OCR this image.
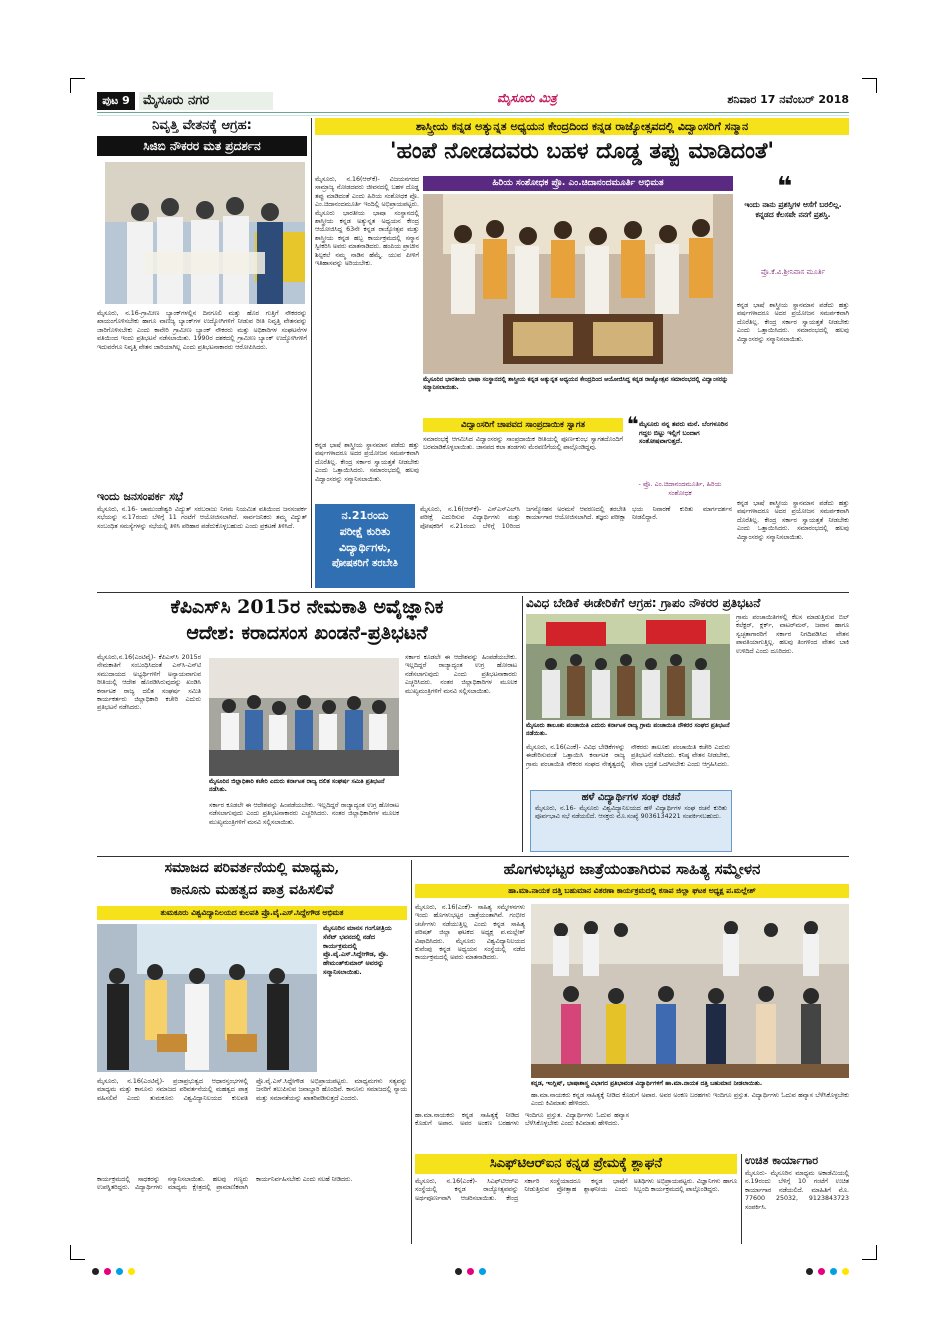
ಪುಟ 9	ಮೈಸೂರು ನಗರ	ಮೈಸೂರು ಮಿತ್ರ	ಶನಿವಾರ 17 ನವೆಂಬರ್ 2018
ನಿವೃತ್ತಿ ವೇತನಕ್ಕೆ ಆಗ್ರಹ:
ಸಿಜಿಬಿ ನೌಕರರ ಮತ ಪ್ರದರ್ಶನ
ಮೈಸೂರು, ನ.16-ಗ್ರಾಮೀಣ ಬ್ಯಾಂಕ್‌ಗಳಲ್ಲಿನ ದಿನಗೂಲಿ ಮತ್ತು ಹೊರ ಗುತ್ತಿಗೆ ನೌಕರರನ್ನು ಖಾಯಂಗೊಳಿಸಬೇಕು ಹಾಗೂ ವಾಣಿಜ್ಯ ಬ್ಯಾಂಕ್‌ಗಳ ಉದ್ಯೋಗಿಗಳಿಗೆ ನೀಡುವ ರೀತಿ ನಿವೃತ್ತಿ ವೇತನವನ್ನು ಜಾರಿಗೊಳಿಸಬೇಕು ಎಂದು ಕಾವೇರಿ ಗ್ರಾಮೀಣ ಬ್ಯಾಂಕ್ ನೌಕರರು ಮತ್ತು ಅಧಿಕಾರಿಗಳ ಸಂಘಟನೆಗಳ ವತಿಯಿಂದ ಇಂದು ಪ್ರತಿಭಟನೆ ನಡೆಸಲಾಯಿತು. 1990ರ ದಶಕದಲ್ಲಿ ಗ್ರಾಮೀಣ ಬ್ಯಾಂಕ್ ಉದ್ಯೋಗಿಗಳಿಗೆ ಇದುವರೆಗೂ ನಿವೃತ್ತಿ ವೇತನ ಜಾರಿಯಾಗಿಲ್ಲ ಎಂದು ಪ್ರತಿಭಟನಾಕಾರರು ಆರೋಪಿಸಿದರು.
ಇಂದು ಜನಸಂಪರ್ಕ ಸಭೆ
ಮೈಸೂರು, ನ.16- ಚಾಮುಂಡೇಶ್ವರಿ ವಿದ್ಯುತ್ ಸರಬರಾಜು ನಿಗಮ ನಿಯಮಿತ ವತಿಯಿಂದ ಜನಸಂಪರ್ಕ ಸಭೆಯನ್ನು ನ.17ರಂದು ಬೆಳಿಗ್ಗೆ 11 ಗಂಟೆಗೆ ಆಯೋಜಿಸಲಾಗಿದೆ. ಸಾರ್ವಜನಿಕರು ತಮ್ಮ ವಿದ್ಯುತ್ ಸಂಬಂಧಿತ ಸಮಸ್ಯೆಗಳನ್ನು ಸಭೆಯಲ್ಲಿ ತಿಳಿಸಿ ಪರಿಹಾರ ಪಡೆದುಕೊಳ್ಳಬಹುದು ಎಂದು ಪ್ರಕಟಣೆ ತಿಳಿಸಿದೆ.
ಶಾಸ್ತ್ರೀಯ ಕನ್ನಡ ಅತ್ಯುನ್ನತ ಅಧ್ಯಯನ ಕೇಂದ್ರದಿಂದ ಕನ್ನಡ ರಾಜ್ಯೋತ್ಸವದಲ್ಲಿ ವಿದ್ವಾಂಸರಿಗೆ ಸನ್ಮಾನ
'ಹಂಪೆ ನೋಡದವರು ಬಹಳ ದೊಡ್ಡ ತಪ್ಪು ಮಾಡಿದಂತೆ'
ಹಿರಿಯ ಸಂಶೋಧಕ ಪ್ರೊ. ಎಂ.ಚಿದಾನಂದಮೂರ್ತಿ ಅಭಿಮತ
ಮೈಸೂರು, ನ.16(ಆರ್‌ಕೆ)- ವಿಜಯನಗರದ ಸಾಮ್ರಾಜ್ಯ ನೋಡದವರು ಜೀವನದಲ್ಲಿ ಬಹಳ ದೊಡ್ಡ ತಪ್ಪು ಮಾಡಿದಂತೆ ಎಂದು ಹಿರಿಯ ಸಂಶೋಧಕ ಪ್ರೊ. ಎಂ.ಚಿದಾನಂದಮೂರ್ತಿ ಇಂದಿಲ್ಲಿ ಅಭಿಪ್ರಾಯಪಟ್ಟರು. ಮೈಸೂರು ಭಾರತೀಯ ಭಾಷಾ ಸಂಸ್ಥಾನದಲ್ಲಿ ಶಾಸ್ತ್ರೀಯ ಕನ್ನಡ ಅತ್ಯುನ್ನತ ಅಧ್ಯಯನ ಕೇಂದ್ರ ಆಯೋಜಿಸಿದ್ದ 63ನೇ ಕನ್ನಡ ರಾಜ್ಯೋತ್ಸವ ಮತ್ತು ಶಾಸ್ತ್ರೀಯ ಕನ್ನಡ ಹಬ್ಬ ಕಾರ್ಯಕ್ರಮದಲ್ಲಿ ಸನ್ಮಾನ ಸ್ವೀಕರಿಸಿ ಅವರು ಮಾತನಾಡಿದರು. ಹಂಪಿಯ ಪ್ರಾಚೀನ ಶಿಲ್ಪಕಲೆ ನಮ್ಮ ನಾಡಿನ ಹೆಮ್ಮೆ. ಯುವ ಪೀಳಿಗೆ ಇತಿಹಾಸವನ್ನು ಅರಿಯಬೇಕು.
❝
ಇಂದು ನಾನು ಪ್ರಶಸ್ತಿಗಳ ಆಸೆಗೆ ಬರಲಿಲ್ಲ. ಕನ್ನಡದ ಕೆಲಸವೇ ನನಗೆ ಪ್ರಶಸ್ತಿ.
ಪ್ರೊ.ಕೆ.ವಿ.ಶ್ರೀನಿವಾಸ ಮೂರ್ತಿ
ಕನ್ನಡ ಭಾಷೆ ಶಾಸ್ತ್ರೀಯ ಸ್ಥಾನಮಾನ ಪಡೆದು ಹತ್ತು ವರ್ಷಗಳಾದರೂ ಅದರ ಪ್ರಯೋಜನ ಸಮರ್ಪಕವಾಗಿ ದೊರೆತಿಲ್ಲ. ಕೇಂದ್ರ ಸರ್ಕಾರ ಸ್ವಾಯತ್ತತೆ ನೀಡಬೇಕು ಎಂದು ಒತ್ತಾಯಿಸಿದರು. ಸಮಾರಂಭದಲ್ಲಿ ಹಲವು ವಿದ್ವಾಂಸರನ್ನು ಸನ್ಮಾನಿಸಲಾಯಿತು.
ಮೈಸೂರಿನ ಭಾರತೀಯ ಭಾಷಾ ಸಂಸ್ಥಾನದಲ್ಲಿ ಶಾಸ್ತ್ರೀಯ ಕನ್ನಡ ಅತ್ಯುನ್ನತ ಅಧ್ಯಯನ ಕೇಂದ್ರದಿಂದ ಆಯೋಜಿಸಿದ್ದ ಕನ್ನಡ ರಾಜ್ಯೋತ್ಸವ ಸಮಾರಂಭದಲ್ಲಿ ವಿದ್ವಾಂಸರನ್ನು ಸನ್ಮಾನಿಸಲಾಯಿತು.
ವಿದ್ವಾಂಸರಿಗೆ ಚಾಪವದ ಸಾಂಪ್ರದಾಯಿಕ ಸ್ವಾಗತ
ಸಮಾರಂಭಕ್ಕೆ ಆಗಮಿಸಿದ ವಿದ್ವಾಂಸರನ್ನು ಸಾಂಪ್ರದಾಯಿಕ ರೀತಿಯಲ್ಲಿ ಪೂರ್ಣಕುಂಭ ಸ್ವಾಗತದೊಂದಿಗೆ ಬರಮಾಡಿಕೊಳ್ಳಲಾಯಿತು. ಜಾನಪದ ಕಲಾ ತಂಡಗಳು ಮೆರವಣಿಗೆಯಲ್ಲಿ ಪಾಲ್ಗೊಂಡಿದ್ದವು.
❝ ಮೈಸೂರು ನನ್ನ ತವರು ಮನೆ. ಬೆಂಗಳೂರಿನ ಗದ್ದಲ ಬಿಟ್ಟು ಇಲ್ಲಿಗೆ ಬಂದಾಗ ಸಂತೋಷವಾಗುತ್ತದೆ.
- ಪ್ರೊ. ಎಂ.ಚಿದಾನಂದಮೂರ್ತಿ, ಹಿರಿಯ ಸಂಶೋಧಕ
ಕನ್ನಡ ಭಾಷೆ ಶಾಸ್ತ್ರೀಯ ಸ್ಥಾನಮಾನ ಪಡೆದು ಹತ್ತು ವರ್ಷಗಳಾದರೂ ಅದರ ಪ್ರಯೋಜನ ಸಮರ್ಪಕವಾಗಿ ದೊರೆತಿಲ್ಲ. ಕೇಂದ್ರ ಸರ್ಕಾರ ಸ್ವಾಯತ್ತತೆ ನೀಡಬೇಕು ಎಂದು ಒತ್ತಾಯಿಸಿದರು. ಸಮಾರಂಭದಲ್ಲಿ ಹಲವು ವಿದ್ವಾಂಸರನ್ನು ಸನ್ಮಾನಿಸಲಾಯಿತು.
ನ.21ರಂದು
ಪರೀಕ್ಷೆ ಕುರಿತು
ವಿದ್ಯಾರ್ಥಿಗಳು,
ಪೋಷಕರಿಗೆ ತರಬೇತಿ
ಮೈಸೂರು, ನ.16(ಆರ್‌ಕೆ)- ಎಸ್‌ಎಸ್‌ಎಲ್‌ಸಿ ಪರೀಕ್ಷೆ ಎದುರಿಸುವ ವಿದ್ಯಾರ್ಥಿಗಳು ಮತ್ತು ಪೋಷಕರಿಗೆ ನ.21ರಂದು ಬೆಳಿಗ್ಗೆ 10ರಿಂದ ಜಗನ್ಮೋಹನ ಅರಮನೆ ಆವರಣದಲ್ಲಿ ತರಬೇತಿ ಕಾರ್ಯಾಗಾರ ಆಯೋಜಿಸಲಾಗಿದೆ. ತಜ್ಞರು ಪರೀಕ್ಷಾ ಭಯ ನಿವಾರಣೆ ಕುರಿತು ಮಾರ್ಗದರ್ಶನ ನೀಡಲಿದ್ದಾರೆ.
ಕನ್ನಡ ಭಾಷೆ ಶಾಸ್ತ್ರೀಯ ಸ್ಥಾನಮಾನ ಪಡೆದು ಹತ್ತು ವರ್ಷಗಳಾದರೂ ಅದರ ಪ್ರಯೋಜನ ಸಮರ್ಪಕವಾಗಿ ದೊರೆತಿಲ್ಲ. ಕೇಂದ್ರ ಸರ್ಕಾರ ಸ್ವಾಯತ್ತತೆ ನೀಡಬೇಕು ಎಂದು ಒತ್ತಾಯಿಸಿದರು. ಸಮಾರಂಭದಲ್ಲಿ ಹಲವು ವಿದ್ವಾಂಸರನ್ನು ಸನ್ಮಾನಿಸಲಾಯಿತು.
ಕೆಪಿಎಸ್‌ಸಿ 2015ರ ನೇಮಕಾತಿ ಅವೈಜ್ಞಾನಿಕ
ಆದೇಶ: ಕರಾದಸಂಸ ಖಂಡನೆ-ಪ್ರತಿಭಟನೆ
ಮೈಸೂರು,ನ.16(ಎಂಟಿವೈ)- ಕೆಪಿಎಸ್‌ಸಿ 2015ರ ನೇಮಕಾತಿಗೆ ಸಂಬಂಧಿಸಿದಂತೆ ಎಸ್‌ಸಿ-ಎಸ್‌ಟಿ ಸಮುದಾಯದ ಅಭ್ಯರ್ಥಿಗಳಿಗೆ ಅನ್ಯಾಯವಾಗುವ ರೀತಿಯಲ್ಲಿ ಆದೇಶ ಹೊರಡಿಸಿರುವುದನ್ನು ಖಂಡಿಸಿ ಕರ್ನಾಟಕ ರಾಜ್ಯ ದಲಿತ ಸಂಘರ್ಷ ಸಮಿತಿ ಕಾರ್ಯಕರ್ತರು ಜಿಲ್ಲಾಧಿಕಾರಿ ಕಚೇರಿ ಎದುರು ಪ್ರತಿಭಟನೆ ನಡೆಸಿದರು.
ಮೈಸೂರಿನ ಜಿಲ್ಲಾಧಿಕಾರಿ ಕಚೇರಿ ಎದುರು ಕರ್ನಾಟಕ ರಾಜ್ಯ ದಲಿತ ಸಂಘರ್ಷ ಸಮಿತಿ ಪ್ರತಿಭಟನೆ ನಡೆಸಿತು.
ಸರ್ಕಾರ ಕೂಡಲೇ ಈ ಆದೇಶವನ್ನು ಹಿಂಪಡೆಯಬೇಕು. ಇಲ್ಲದಿದ್ದರೆ ರಾಜ್ಯಾದ್ಯಂತ ಉಗ್ರ ಹೋರಾಟ ನಡೆಸಲಾಗುವುದು ಎಂದು ಪ್ರತಿಭಟನಾಕಾರರು ಎಚ್ಚರಿಸಿದರು. ನಂತರ ಜಿಲ್ಲಾಧಿಕಾರಿಗಳ ಮೂಲಕ ಮುಖ್ಯಮಂತ್ರಿಗಳಿಗೆ ಮನವಿ ಸಲ್ಲಿಸಲಾಯಿತು.
ಸರ್ಕಾರ ಕೂಡಲೇ ಈ ಆದೇಶವನ್ನು ಹಿಂಪಡೆಯಬೇಕು. ಇಲ್ಲದಿದ್ದರೆ ರಾಜ್ಯಾದ್ಯಂತ ಉಗ್ರ ಹೋರಾಟ ನಡೆಸಲಾಗುವುದು ಎಂದು ಪ್ರತಿಭಟನಾಕಾರರು ಎಚ್ಚರಿಸಿದರು. ನಂತರ ಜಿಲ್ಲಾಧಿಕಾರಿಗಳ ಮೂಲಕ ಮುಖ್ಯಮಂತ್ರಿಗಳಿಗೆ ಮನವಿ ಸಲ್ಲಿಸಲಾಯಿತು.
ವಿವಿಧ ಬೇಡಿಕೆ ಈಡೇರಿಕೆಗೆ ಆಗ್ರಹ: ಗ್ರಾಪಂ ನೌಕರರ ಪ್ರತಿಭಟನೆ
ಮೈಸೂರು ತಾಲೂಕು ಪಂಚಾಯಿತಿ ಎದುರು ಕರ್ನಾಟಕ ರಾಜ್ಯ ಗ್ರಾಮ ಪಂಚಾಯಿತಿ ನೌಕರರ ಸಂಘದ ಪ್ರತಿಭಟನೆ ನಡೆಯಿತು.
ಮೈಸೂರು, ನ.16(ಎಂಕೆ)- ವಿವಿಧ ಬೇಡಿಕೆಗಳನ್ನು ಈಡೇರಿಸುವಂತೆ ಒತ್ತಾಯಿಸಿ ಕರ್ನಾಟಕ ರಾಜ್ಯ ಗ್ರಾಮ ಪಂಚಾಯಿತಿ ನೌಕರರ ಸಂಘದ ನೇತೃತ್ವದಲ್ಲಿ ನೌಕರರು ತಾಲೂಕು ಪಂಚಾಯಿತಿ ಕಚೇರಿ ಎದುರು ಪ್ರತಿಭಟನೆ ನಡೆಸಿದರು. ಕನಿಷ್ಠ ವೇತನ ನೀಡಬೇಕು, ಸೇವಾ ಭದ್ರತೆ ಒದಗಿಸಬೇಕು ಎಂದು ಆಗ್ರಹಿಸಿದರು.
ಗ್ರಾಮ ಪಂಚಾಯಿತಿಗಳಲ್ಲಿ ಕೆಲಸ ಮಾಡುತ್ತಿರುವ ಬಿಲ್ ಕಲೆಕ್ಟರ್, ಕ್ಲರ್ಕ್, ವಾಟರ್‌ಮನ್, ಜವಾನ ಹಾಗೂ ಸ್ವಚ್ಛತಾಗಾರರಿಗೆ ಸರ್ಕಾರ ನಿಗದಿಪಡಿಸಿದ ವೇತನ ಪಾವತಿಯಾಗುತ್ತಿಲ್ಲ. ಹಲವು ತಿಂಗಳಿಂದ ವೇತನ ಬಾಕಿ ಉಳಿದಿದೆ ಎಂದು ದೂರಿದರು.
ಹಳೆ ವಿದ್ಯಾರ್ಥಿಗಳ ಸಂಘ ರಚನೆ
ಮೈಸೂರು, ನ.16- ಮೈಸೂರು ವಿಶ್ವವಿದ್ಯಾನಿಲಯದ ಹಳೆ ವಿದ್ಯಾರ್ಥಿಗಳ ಸಂಘ ರಚನೆ ಕುರಿತು ಪೂರ್ವಭಾವಿ ಸಭೆ ನಡೆಯಲಿದೆ. ಆಸಕ್ತರು ಮೊ.ಸಂಖ್ಯೆ 9036134221 ಸಂಪರ್ಕಿಸಬಹುದು.
ಸಮಾಜದ ಪರಿವರ್ತನೆಯಲ್ಲಿ ಮಾಧ್ಯಮ,
ಕಾನೂನು ಮಹತ್ವದ ಪಾತ್ರ ವಹಿಸಲಿವೆ
ತುಮಕೂರು ವಿಶ್ವವಿದ್ಯಾನಿಲಯದ ಕುಲಪತಿ ಪ್ರೊ.ವೈ.ಎಸ್.ಸಿದ್ದೇಗೌಡ ಅಭಿಮತ
ಮೈಸೂರಿನ ಮಾನಸ ಗಂಗೋತ್ರಿಯ ಸೆನೆಟ್ ಭವನದಲ್ಲಿ ನಡೆದ ಕಾರ್ಯಕ್ರಮದಲ್ಲಿ ಪ್ರೊ.ವೈ.ಎಸ್.ಸಿದ್ದೇಗೌಡ, ಪ್ರೊ. ಹೇಮಂತ್‌ಕುಮಾರ್ ಅವರನ್ನು ಸನ್ಮಾನಿಸಲಾಯಿತು.
ಮೈಸೂರು, ನ.16(ಎಂಟಿವೈ)- ಪ್ರಜಾಪ್ರಭುತ್ವದ ಆಧಾರಸ್ತಂಭಗಳಲ್ಲಿ ಮಾಧ್ಯಮ ಮತ್ತು ಕಾನೂನು ಸಮಾಜದ ಪರಿವರ್ತನೆಯಲ್ಲಿ ಮಹತ್ವದ ಪಾತ್ರ ವಹಿಸಲಿವೆ ಎಂದು ತುಮಕೂರು ವಿಶ್ವವಿದ್ಯಾನಿಲಯದ ಕುಲಪತಿ ಪ್ರೊ.ವೈ.ಎಸ್.ಸಿದ್ದೇಗೌಡ ಅಭಿಪ್ರಾಯಪಟ್ಟರು. ಮಾಧ್ಯಮಗಳು ಸತ್ಯವನ್ನು ಜನರಿಗೆ ತಲುಪಿಸುವ ಜವಾಬ್ದಾರಿ ಹೊಂದಿವೆ. ಕಾನೂನು ಸಮಾಜದಲ್ಲಿ ನ್ಯಾಯ ಮತ್ತು ಸಮಾನತೆಯನ್ನು ಖಾತರಿಪಡಿಸುತ್ತದೆ ಎಂದರು.
ಕಾರ್ಯಕ್ರಮದಲ್ಲಿ ಸಾಧಕರನ್ನು ಸನ್ಮಾನಿಸಲಾಯಿತು. ಹಲವು ಗಣ್ಯರು ಉಪಸ್ಥಿತರಿದ್ದರು. ವಿದ್ಯಾರ್ಥಿಗಳು ಮಾಧ್ಯಮ ಕ್ಷೇತ್ರದಲ್ಲಿ ಪ್ರಾಮಾಣಿಕವಾಗಿ ಕಾರ್ಯನಿರ್ವಹಿಸಬೇಕು ಎಂದು ಸಲಹೆ ನೀಡಿದರು.
ಹೊಗಳುಭಟ್ಟರ ಜಾತ್ರೆಯಂತಾಗಿರುವ ಸಾಹಿತ್ಯ ಸಮ್ಮೇಳನ
ಹಾ.ಮಾ.ನಾಯಕ ದತ್ತಿ ಬಹುಮಾನ ವಿತರಣಾ ಕಾರ್ಯಕ್ರಮದಲ್ಲಿ ಕಸಾಪ ಜಿಲ್ಲಾ ಘಟಕ ಅಧ್ಯಕ್ಷ ಪ.ಮಲ್ಲೇಶ್
ಮೈಸೂರು, ನ.16(ಎಂಕೆ)- ಸಾಹಿತ್ಯ ಸಮ್ಮೇಳನಗಳು ಇಂದು ಹೊಗಳುಭಟ್ಟರ ಜಾತ್ರೆಯಂತಾಗಿವೆ. ಗಂಭೀರ ಚರ್ಚೆಗಳು ನಡೆಯುತ್ತಿಲ್ಲ ಎಂದು ಕನ್ನಡ ಸಾಹಿತ್ಯ ಪರಿಷತ್ ಜಿಲ್ಲಾ ಘಟಕದ ಅಧ್ಯಕ್ಷ ಪ.ಮಲ್ಲೇಶ್ ವಿಷಾದಿಸಿದರು. ಮೈಸೂರು ವಿಶ್ವವಿದ್ಯಾನಿಲಯದ ಕುವೆಂಪು ಕನ್ನಡ ಅಧ್ಯಯನ ಸಂಸ್ಥೆಯಲ್ಲಿ ನಡೆದ ಕಾರ್ಯಕ್ರಮದಲ್ಲಿ ಅವರು ಮಾತನಾಡಿದರು.
ಕನ್ನಡ, ಇಂಗ್ಲಿಷ್, ಭಾಷಾಶಾಸ್ತ್ರ ವಿಭಾಗದ ಪ್ರತಿಭಾವಂತ ವಿದ್ಯಾರ್ಥಿಗಳಿಗೆ ಹಾ.ಮಾ.ನಾಯಕ ದತ್ತಿ ಬಹುಮಾನ ನೀಡಲಾಯಿತು.
ಹಾ.ಮಾ.ನಾಯಕರು ಕನ್ನಡ ಸಾಹಿತ್ಯಕ್ಕೆ ನೀಡಿದ ಕೊಡುಗೆ ಅಪಾರ. ಅವರ ಅಂಕಣ ಬರಹಗಳು ಇಂದಿಗೂ ಪ್ರಸ್ತುತ. ವಿದ್ಯಾರ್ಥಿಗಳು ಓದುವ ಹವ್ಯಾಸ ಬೆಳೆಸಿಕೊಳ್ಳಬೇಕು ಎಂದು ಕಿವಿಮಾತು ಹೇಳಿದರು.
ಹಾ.ಮಾ.ನಾಯಕರು ಕನ್ನಡ ಸಾಹಿತ್ಯಕ್ಕೆ ನೀಡಿದ ಕೊಡುಗೆ ಅಪಾರ. ಅವರ ಅಂಕಣ ಬರಹಗಳು ಇಂದಿಗೂ ಪ್ರಸ್ತುತ. ವಿದ್ಯಾರ್ಥಿಗಳು ಓದುವ ಹವ್ಯಾಸ ಬೆಳೆಸಿಕೊಳ್ಳಬೇಕು ಎಂದು ಕಿವಿಮಾತು ಹೇಳಿದರು.
ಸಿಎಫ್‌ಟಿಆರ್‌ಐನ ಕನ್ನಡ ಪ್ರೇಮಕ್ಕೆ ಶ್ಲಾಘನೆ
ಮೈಸೂರು, ನ.16(ಎಂಕೆ)- ಸಿಎಫ್‌ಟಿಆರ್‌ಐ ಸಂಸ್ಥೆಯಲ್ಲಿ ಕನ್ನಡ ರಾಜ್ಯೋತ್ಸವವನ್ನು ಅರ್ಥಪೂರ್ಣವಾಗಿ ಆಚರಿಸಲಾಯಿತು. ಕೇಂದ್ರ ಸರ್ಕಾರಿ ಸಂಸ್ಥೆಯಾದರೂ ಕನ್ನಡ ಭಾಷೆಗೆ ನೀಡುತ್ತಿರುವ ಪ್ರೋತ್ಸಾಹ ಶ್ಲಾಘನೀಯ ಎಂದು ಅತಿಥಿಗಳು ಅಭಿಪ್ರಾಯಪಟ್ಟರು. ವಿಜ್ಞಾನಿಗಳು ಹಾಗೂ ಸಿಬ್ಬಂದಿ ಕಾರ್ಯಕ್ರಮದಲ್ಲಿ ಪಾಲ್ಗೊಂಡಿದ್ದರು.
ಉಚಿತ ಕಾರ್ಯಾಗಾರ
ಮೈಸೂರು- ಮೈಸೂರಿನ ಮಾಧ್ಯಮ ಅಕಾಡೆಮಿಯಲ್ಲಿ ನ.19ರಂದು ಬೆಳಿಗ್ಗೆ 10 ಗಂಟೆಗೆ ಉಚಿತ ಕಾರ್ಯಾಗಾರ ನಡೆಯಲಿದೆ. ಮಾಹಿತಿಗೆ ಮೊ. 77600 25032, 9123843723 ಸಂಪರ್ಕಿಸಿ.
